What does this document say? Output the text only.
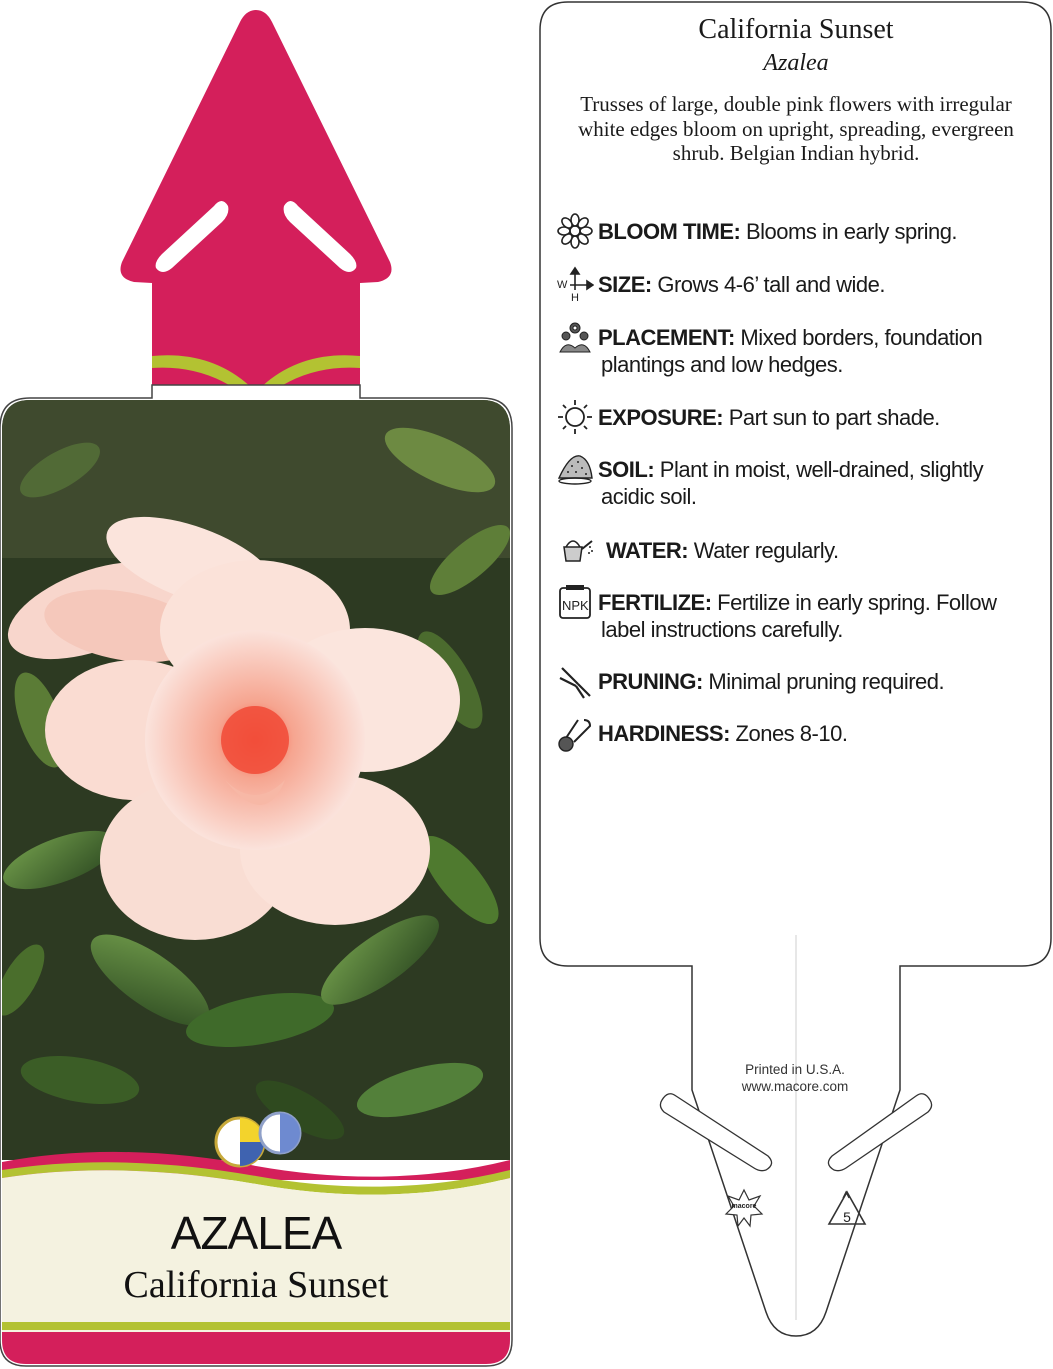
AZALEA

California Sunset

California Sunset

Azalea

Trusses of large, double pink flowers with irregular white edges bloom on upright, spreading, evergreen shrub. Belgian Indian hybrid.

W
H
NPK
BLOOM TIME: Blooms in early spring.
SIZE: Grows 4-6’ tall and wide.
PLACEMENT: Mixed borders, foundation
plantings and low hedges.
EXPOSURE: Part sun to part shade.
SOIL: Plant in moist, well-drained, slightly
acidic soil.
WATER: Water regularly.
FERTILIZE: Fertilize in early spring. Follow
label instructions carefully.
PRUNING: Minimal pruning required.
HARDINESS: Zones 8-10.
Printed in U.S.A.
www.macore.com
macore
5
